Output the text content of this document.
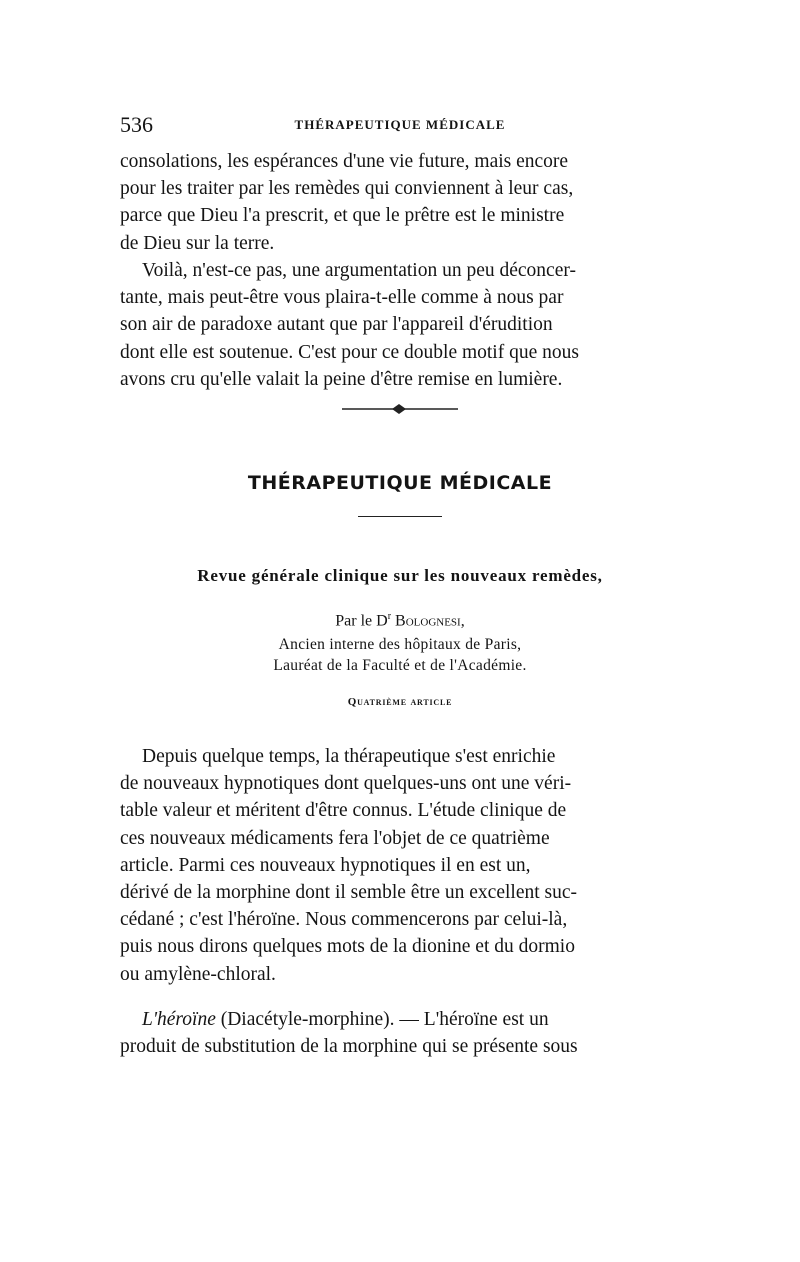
536	THÉRAPEUTIQUE MÉDICALE

consolations, les espérances d'une vie future, mais encore

pour les traiter par les remèdes qui conviennent à leur cas,

parce que Dieu l'a prescrit, et que le prêtre est le ministre

de Dieu sur la terre.

Voilà, n'est-ce pas, une argumentation un peu déconcer-

tante, mais peut-être vous plaira-t-elle comme à nous par

son air de paradoxe autant que par l'appareil d'érudition

dont elle est soutenue. C'est pour ce double motif que nous

avons cru qu'elle valait la peine d'être remise en lumière.

THÉRAPEUTIQUE MÉDICALE
Revue générale clinique sur les nouveaux remèdes,
Par le $D^r$ Bolognesi,
Ancien interne des hôpitaux de Paris,
Lauréat de la Faculté et de l'Académie.
Quatrième article

Depuis quelque temps, la thérapeutique s'est enrichie

de nouveaux hypnotiques dont quelques-uns ont une véri-

table valeur et méritent d'être connus. L'étude clinique de

ces nouveaux médicaments fera l'objet de ce quatrième

article. Parmi ces nouveaux hypnotiques il en est un,

dérivé de la morphine dont il semble être un excellent suc-

cédané ; c'est l'héroïne. Nous commencerons par celui-là,

puis nous dirons quelques mots de la dionine et du dormio

ou amylène-chloral.

L'héroïne (Diacétyle-morphine). — L'héroïne est un

produit de substitution de la morphine qui se présente sous
